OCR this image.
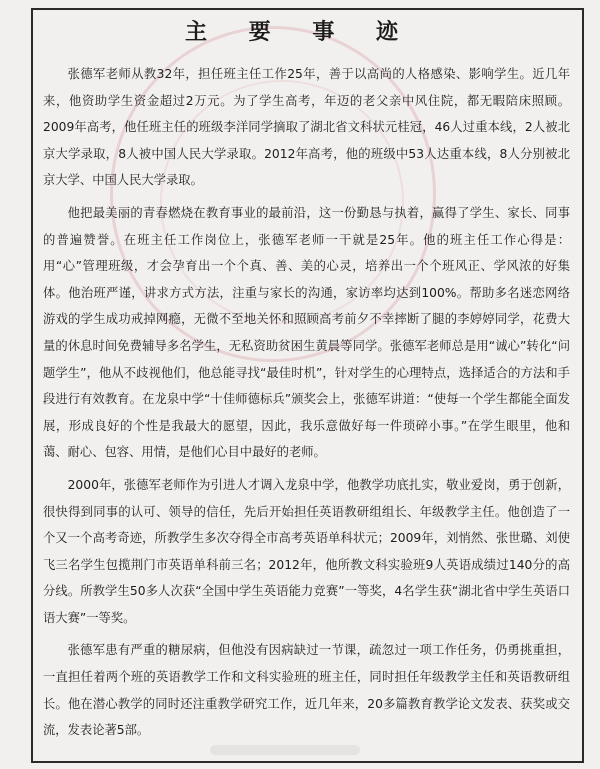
主 要 事 迹

张德军老师从教32年，担任班主任工作25年，善于以高尚的人格感染、影响学生。近几年来，他资助学生资金超过2万元。为了学生高考，年迈的老父亲中风住院，都无暇陪床照顾。2009年高考，他任班主任的班级李洋同学摘取了湖北省文科状元桂冠，46人过重本线，2人被北京大学录取，8人被中国人民大学录取。2012年高考，他的班级中53人达重本线，8人分别被北京大学、中国人民大学录取。

他把最美丽的青春燃烧在教育事业的最前沿，这一份勤恳与执着，赢得了学生、家长、同事的普遍赞誉。在班主任工作岗位上，张德军老师一干就是25年。他的班主任工作心得是：用“心”管理班级，才会孕育出一个个真、善、美的心灵，培养出一个个班风正、学风浓的好集体。他治班严谨，讲求方式方法，注重与家长的沟通，家访率均达到100%。帮助多名迷恋网络游戏的学生成功戒掉网瘾，无微不至地关怀和照顾高考前夕不幸摔断了腿的李婷婷同学，花费大量的休息时间免费辅导多名学生，无私资助贫困生黄晨等同学。张德军老师总是用“诚心”转化“问题学生”，他从不歧视他们，他总能寻找“最佳时机”，针对学生的心理特点，选择适合的方法和手段进行有效教育。在龙泉中学“十佳师德标兵”颁奖会上，张德军讲道：“使每一个学生都能全面发展，形成良好的个性是我最大的愿望，因此，我乐意做好每一件琐碎小事。”在学生眼里，他和蔼、耐心、包容、用情，是他们心目中最好的老师。

2000年，张德军老师作为引进人才调入龙泉中学，他教学功底扎实，敬业爱岗，勇于创新，很快得到同事的认可、领导的信任，先后开始担任英语教研组组长、年级教学主任。他创造了一个又一个高考奇迹，所教学生多次夺得全市高考英语单科状元；2009年，刘悄然、张世璐、刘使飞三名学生包揽荆门市英语单科前三名；2012年，他所教文科实验班9人英语成绩过140分的高分线。所教学生50多人次获“全国中学生英语能力竞赛”一等奖，4名学生获“湖北省中学生英语口语大赛”一等奖。

张德军患有严重的糖尿病，但他没有因病缺过一节课，疏忽过一项工作任务，仍勇挑重担，一直担任着两个班的英语教学工作和文科实验班的班主任，同时担任年级教学主任和英语教研组长。他在潜心教学的同时还注重教学研究工作，近几年来，20多篇教育教学论文发表、获奖或交流，发表论著5部。
